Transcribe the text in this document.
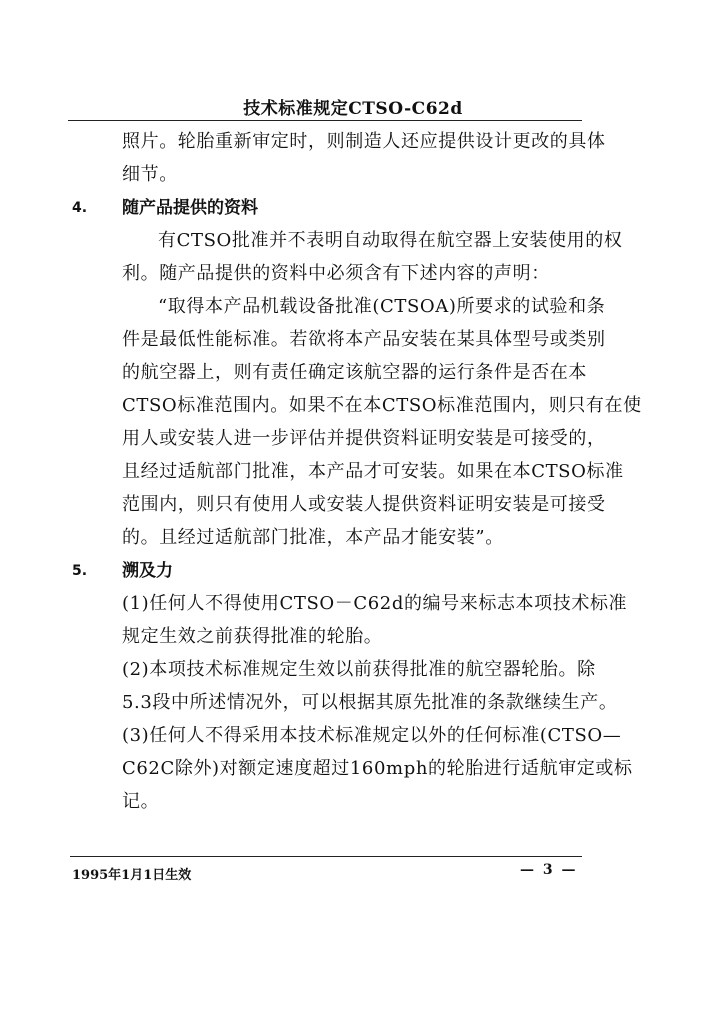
技术标准规定CTSO-C62d
照片。轮胎重新审定时，则制造人还应提供设计更改的具体
细节。
4. 随产品提供的资料
有CTSO批准并不表明自动取得在航空器上安装使用的权
利。随产品提供的资料中必须含有下述内容的声明：
“取得本产品机载设备批准(CTSOA)所要求的试验和条
件是最低性能标准。若欲将本产品安装在某具体型号或类别
的航空器上，则有责任确定该航空器的运行条件是否在本
CTSO标准范围内。如果不在本CTSO标准范围内，则只有在使
用人或安装人进一步评估并提供资料证明安装是可接受的，
且经过适航部门批准，本产品才可安装。如果在本CTSO标准
范围内，则只有使用人或安装人提供资料证明安装是可接受
的。且经过适航部门批准，本产品才能安装”。
5. 溯及力
(1)任何人不得使用CTSO－C62d的编号来标志本项技术标准
规定生效之前获得批准的轮胎。
(2)本项技术标准规定生效以前获得批准的航空器轮胎。除
5.3段中所述情况外，可以根据其原先批准的条款继续生产。
(3)任何人不得采用本技术标准规定以外的任何标准(CTSO—
C62C除外)对额定速度超过160mph的轮胎进行适航审定或标
记。
1995年1月1日生效	— 3 —
